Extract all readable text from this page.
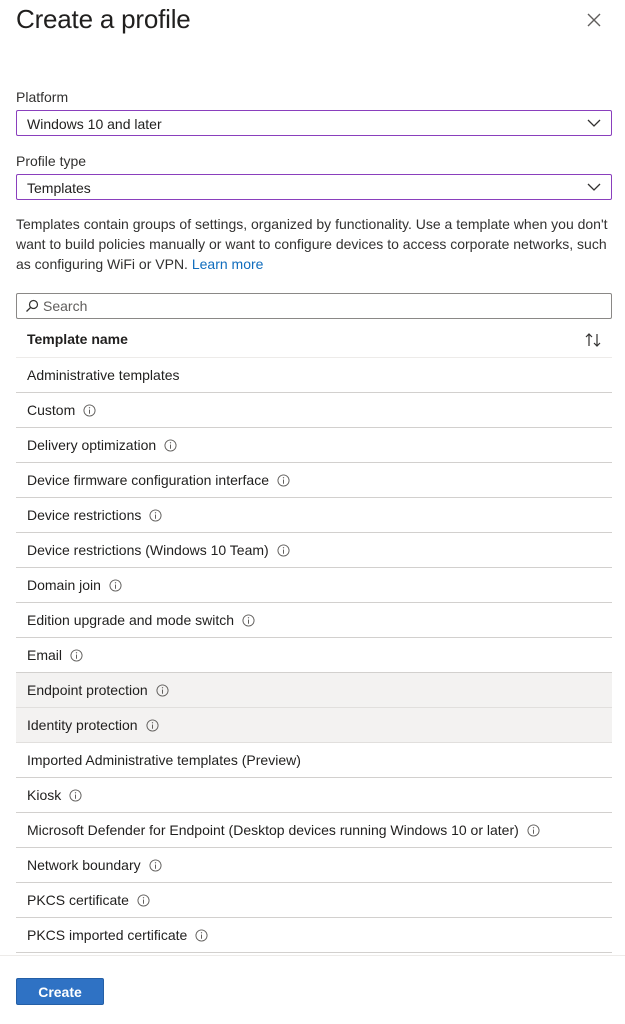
Create a profile
Platform
Windows 10 and later
Profile type
Templates
Templates contain groups of settings, organized by functionality. Use a template when you don't want to build policies manually or want to configure devices to access corporate networks, such as configuring WiFi or VPN. Learn more
Search
Template name
Administrative templates
Custom
Delivery optimization
Device firmware configuration interface
Device restrictions
Device restrictions (Windows 10 Team)
Domain join
Edition upgrade and mode switch
Email
Endpoint protection
Identity protection
Imported Administrative templates (Preview)
Kiosk
Microsoft Defender for Endpoint (Desktop devices running Windows 10 or later)
Network boundary
PKCS certificate
PKCS imported certificate
Create
